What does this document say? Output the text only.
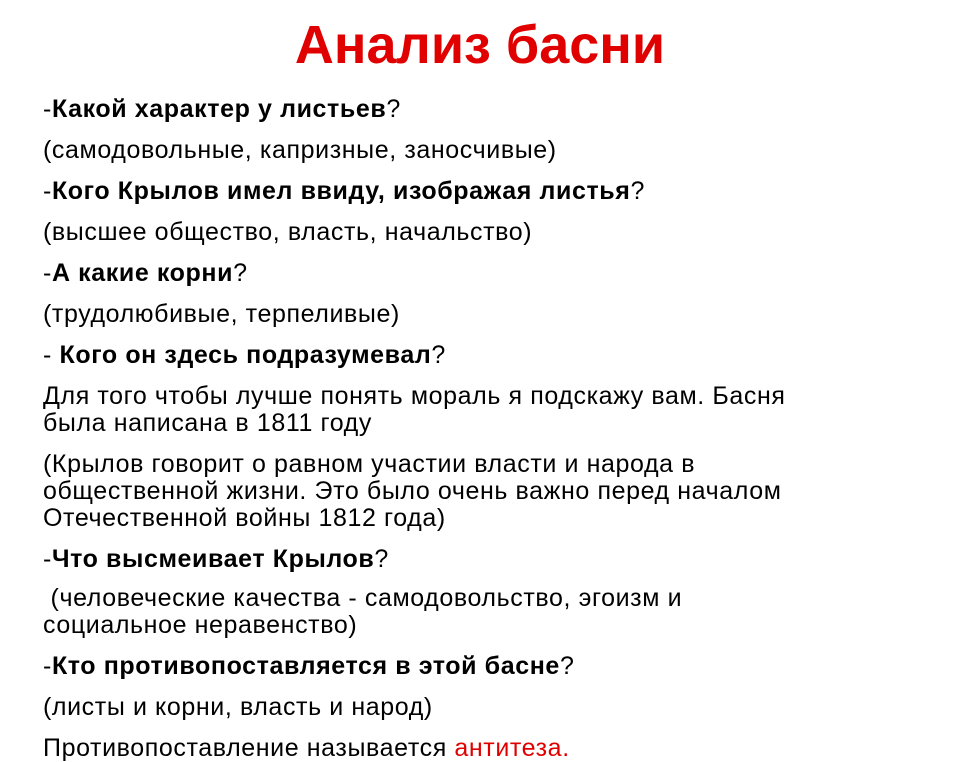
Анализ басни

-Какой характер у листьев?

(самодовольные, капризные, заносчивые)

-Кого Крылов имел ввиду, изображая листья?

(высшее общество, власть, начальство)

-А какие корни?

(трудолюбивые, терпеливые)

- Кого он здесь подразумевал?

Для того чтобы лучше понять мораль я подскажу вам. Басня

была написана в 1811 году

(Крылов говорит о равном участии власти и народа в

общественной жизни. Это было очень важно перед началом

Отечественной войны 1812 года)

-Что высмеивает Крылов?

(человеческие качества - самодовольство, эгоизм и

социальное неравенство)

-Кто противопоставляется в этой басне?

(листы и корни, власть и народ)

Противопоставление называется антитеза.
